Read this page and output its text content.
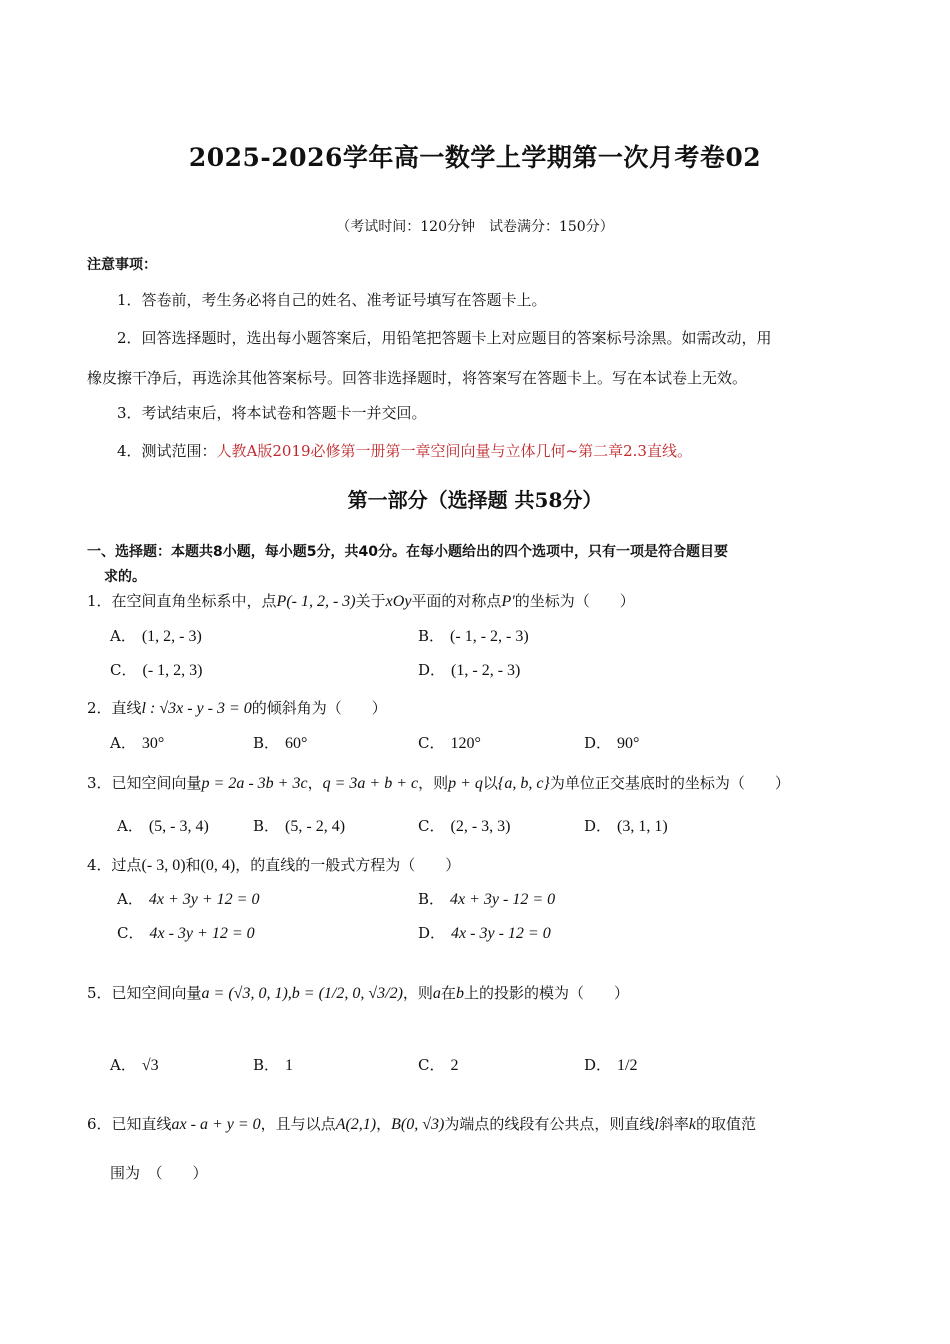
2025-2026学年高一数学上学期第一次月考卷02
（考试时间：120分钟　试卷满分：150分）
注意事项：
1．答卷前，考生务必将自己的姓名、准考证号填写在答题卡上。
2．回答选择题时，选出每小题答案后，用铅笔把答题卡上对应题目的答案标号涂黑。如需改动，用
橡皮擦干净后，再选涂其他答案标号。回答非选择题时，将答案写在答题卡上。写在本试卷上无效。
3．考试结束后，将本试卷和答题卡一并交回。
4．测试范围：人教A版2019必修第一册第一章空间向量与立体几何~第二章2.3直线。
第一部分（选择题 共58分）
一、选择题：本题共8小题，每小题5分，共40分。在每小题给出的四个选项中，只有一项是符合题目要
求的。
1．在空间直角坐标系中，点P(- 1, 2, - 3)关于xOy平面的对称点P′的坐标为（　　）
A． (1, 2, - 3)	B． (- 1, - 2, - 3)
C． (- 1, 2, 3)	D． (1, - 2, - 3)
2．直线l : √3x - y - 3 = 0的倾斜角为（　　）
A． 30°	B． 60°	C． 120°	D． 90°
3．已知空间向量p = 2a - 3b + 3c，q = 3a + b + c，则p + q以{a, b, c}为单位正交基底时的坐标为（　　）
A． (5, - 3, 4)	B． (5, - 2, 4)	C． (2, - 3, 3)	D． (3, 1, 1)
4．过点(- 3, 0)和(0, 4)，的直线的一般式方程为（　　）
A． 4x + 3y + 12 = 0	B． 4x + 3y - 12 = 0
C． 4x - 3y + 12 = 0	D． 4x - 3y - 12 = 0
5．已知空间向量a = (√3, 0, 1),b = (1/2, 0, √3/2)，则a在b上的投影的模为（　　）
A． √3	B． 1	C． 2	D． 1/2
6．已知直线ax - a + y = 0，且与以点A(2,1)，B(0, √3)为端点的线段有公共点，则直线l斜率k的取值范
围为　（　　）
